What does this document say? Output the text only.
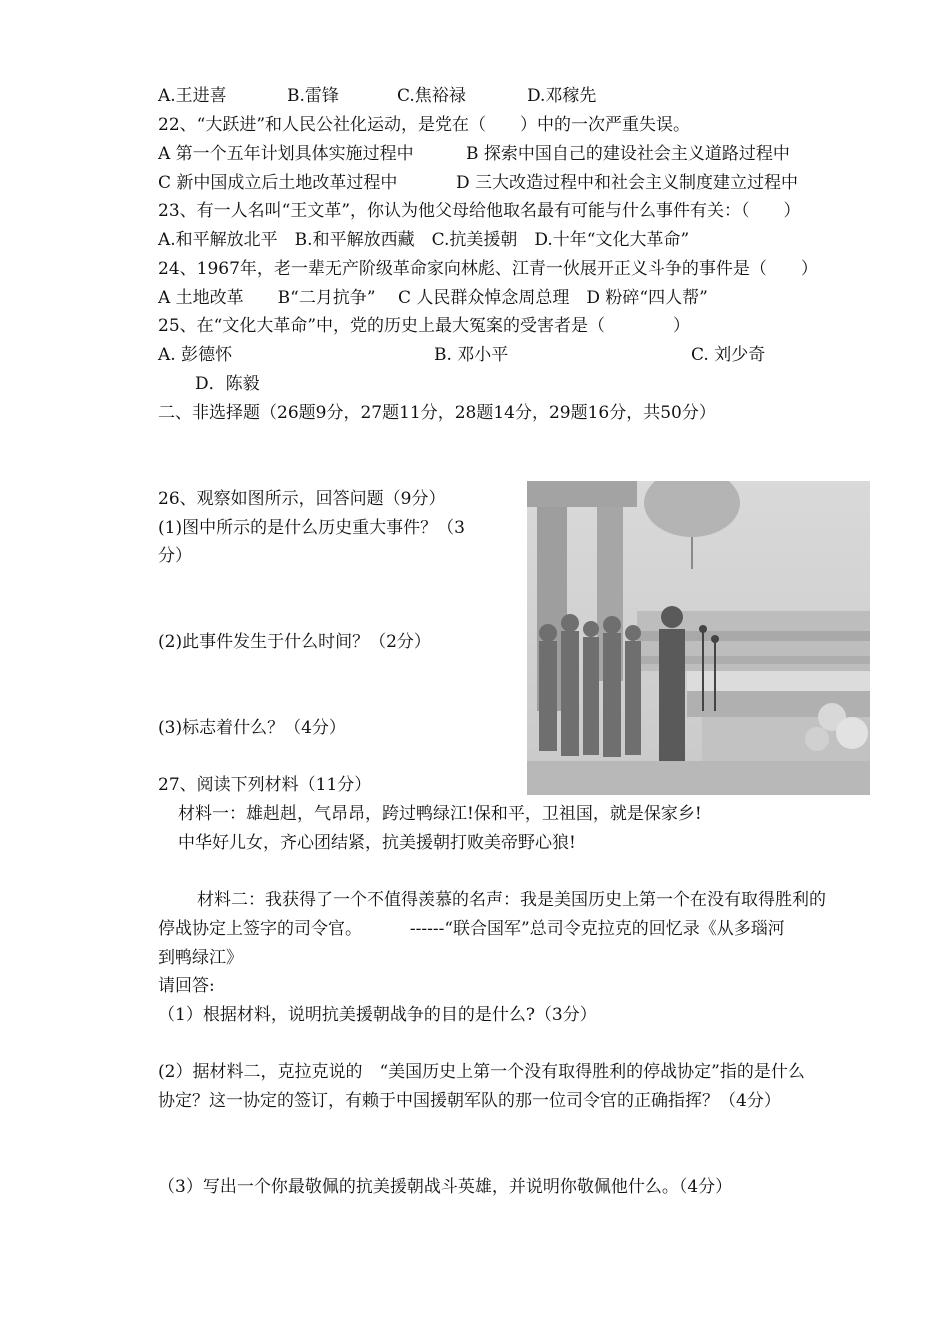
A.王进喜	B.雷锋	C.焦裕禄	D.邓稼先
22、“大跃进”和人民公社化运动，是党在（　　）中的一次严重失误。
A 第一个五年计划具体实施过程中	B 探索中国自己的建设社会主义道路过程中
C 新中国成立后土地改革过程中	D 三大改造过程中和社会主义制度建立过程中
23、有一人名叫“王文革”，你认为他父母给他取名最有可能与什么事件有关：（　　）
A.和平解放北平　B.和平解放西藏　C.抗美援朝　D.十年“文化大革命”
24、1967年，老一辈无产阶级革命家向林彪、江青一伙展开正义斗争的事件是（　　）
A 土地改革　　B“二月抗争”　 C 人民群众悼念周总理　D 粉碎“四人帮”
25、在“文化大革命”中，党的历史上最大冤案的受害者是（　　　　）
A. 彭德怀	B. 邓小平	C. 刘少奇
D．陈毅
二、非选择题（26题9分，27题11分，28题14分，29题16分，共50分）
26、观察如图所示，回答问题（9分）
(1)图中所示的是什么历史重大事件？（3
分）
(2)此事件发生于什么时间？（2分）
(3)标志着什么？（4分）
27、阅读下列材料（11分）
材料一：雄赳赳，气昂昂，跨过鸭绿江!保和平，卫祖国，就是保家乡!
中华好儿女，齐心团结紧，抗美援朝打败美帝野心狼!
材料二：我获得了一个不值得羡慕的名声：我是美国历史上第一个在没有取得胜利的
停战协定上签字的司令官。　　　 ------“联合国军”总司令克拉克的回忆录《从多瑙河
到鸭绿江》
请回答:
（1）根据材料，说明抗美援朝战争的目的是什么?（3分）
(2）据材料二，克拉克说的　“美国历史上第一个没有取得胜利的停战协定”指的是什么
协定？这一协定的签订，有赖于中国援朝军队的那一位司令官的正确指挥？（4分）
（3）写出一个你最敬佩的抗美援朝战斗英雄，并说明你敬佩他什么。（4分）
